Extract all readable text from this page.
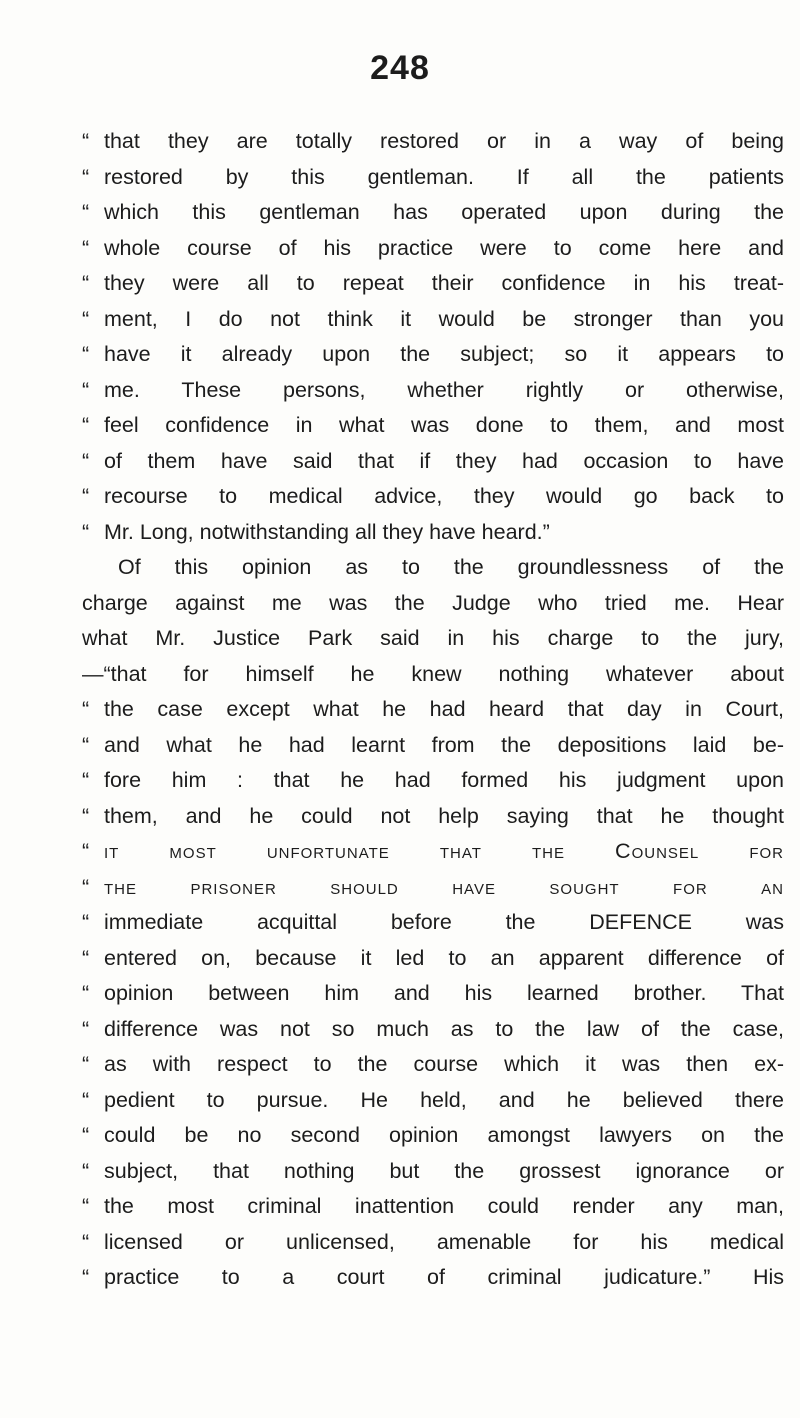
248
“ that they are totally restored or in a way of being
“ restored by this gentleman. If all the patients
“ which this gentleman has operated upon during the
“ whole course of his practice were to come here and
“ they were all to repeat their confidence in his treat-
“ ment, I do not think it would be stronger than you
“ have it already upon the subject; so it appears to
“ me. These persons, whether rightly or otherwise,
“ feel confidence in what was done to them, and most
“ of them have said that if they had occasion to have
“ recourse to medical advice, they would go back to
“ Mr. Long, notwithstanding all they have heard.”
Of this opinion as to the groundlessness of the
charge against me was the Judge who tried me. Hear
what Mr. Justice Park said in his charge to the jury,
—“that for himself he knew nothing whatever about
“ the case except what he had heard that day in Court,
“ and what he had learnt from the depositions laid be-
“ fore him : that he had formed his judgment upon
“ them, and he could not help saying that he thought
“ it most unfortunate that the Counsel for
“ the prisoner should have sought for an
“ immediate acquittal before the DEFENCE was
“ entered on, because it led to an apparent difference of
“ opinion between him and his learned brother. That
“ difference was not so much as to the law of the case,
“ as with respect to the course which it was then ex-
“ pedient to pursue. He held, and he believed there
“ could be no second opinion amongst lawyers on the
“ subject, that nothing but the grossest ignorance or
“ the most criminal inattention could render any man,
“ licensed or unlicensed, amenable for his medical
“ practice to a court of criminal judicature.” His
